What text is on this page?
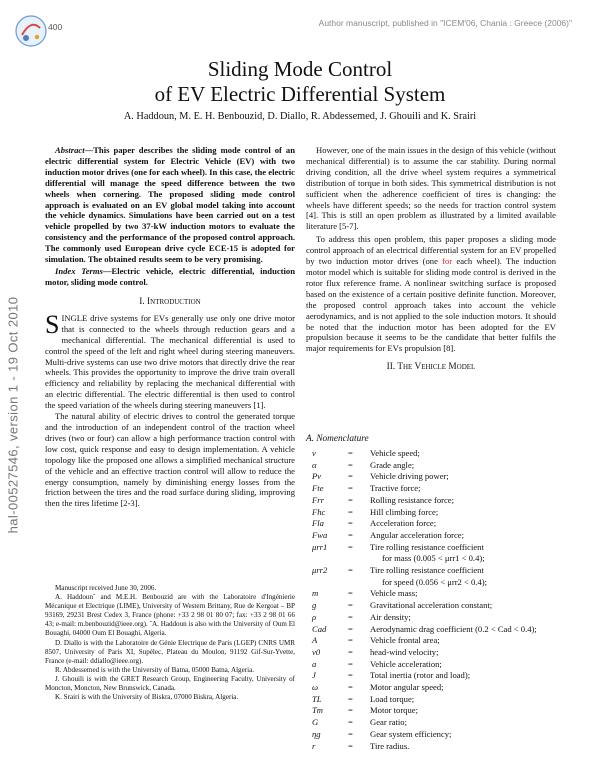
400	Author manuscript, published in "ICEM'06, Chania : Greece (2006)"
hal-00527546, version 1 - 19 Oct 2010
Sliding Mode Control
of EV Electric Differential System
A. Haddoun, M. E. H. Benbouzid, D. Diallo, R. Abdessemed, J. Ghouili and K. Srairi

Abstract—This paper describes the sliding mode control of an electric differential system for Electric Vehicle (EV) with two induction motor drives (one for each wheel). In this case, the electric differential will manage the speed difference between the two wheels when cornering. The proposed sliding mode control approach is evaluated on an EV global model taking into account the vehicle dynamics. Simulations have been carried out on a test vehicle propelled by two 37-kW induction motors to evaluate the consistency and the performance of the proposed control approach. The commonly used European drive cycle ECE-15 is adopted for simulation. The obtained results seem to be very promising.

Index Terms—Electric vehicle, electric differential, induction motor, sliding mode control.

I. Introduction

SINGLE drive systems for EVs generally use only one drive motor that is connected to the wheels through reduction gears and a mechanical differential. The mechanical differential is used to control the speed of the left and right wheel during steering maneuvers. Multi-drive systems can use two drive motors that directly drive the rear wheels. This provides the opportunity to improve the drive train overall efficiency and reliability by replacing the mechanical differential with an electric differential. The electric differential is then used to control the speed variation of the wheels during steering maneuvers [1].

The natural ability of electric drives to control the generated torque and the introduction of an independent control of the traction wheel drives (two or four) can allow a high performance traction control with low cost, quick response and easy to design implementation. A vehicle topology like the proposed one allows a simplified mechanical structure of the vehicle and an effective traction control will allow to reduce the energy consumption, namely by diminishing energy losses from the friction between the tires and the road surface during sliding, improving then the tires lifetime [2-3].

Manuscript received June 30, 2006.

A. Haddounˆ and M.E.H. Benbouzid are with the Laboratoire d'Ingénierie Mécanique et Electrique (LIME), University of Western Brittany, Rue de Kergoat – BP 93169, 29231 Brest Cedex 3, France (phone: +33 2 98 01 80 07; fax: +33 2 98 01 66 43; e-mail: m.benbouzid@ieee.org). ˆA. Haddoun is also with the University of Oum El Bouaghi, 04000 Oum El Bouaghi, Algeria.

D. Diallo is with the Laboratoire de Génie Electrique de Paris (LGEP) CNRS UMR 8507, University of Paris XI, Supélec, Plateau du Moulon, 91192 Gif-Sur-Yvette, France (e-mail: ddiallo@ieee.org).

R. Abdessemed is with the University of Batna, 05000 Batna, Algeria.

J. Ghouili is with the GRET Research Group, Engineering Faculty, University of Moncton, Moncton, New Brunswick, Canada.

K. Srairi is with the University of Biskra, 07000 Biskra, Algeria.

However, one of the main issues in the design of this vehicle (without mechanical differential) is to assume the car stability. During normal driving condition, all the drive wheel system requires a symmetrical distribution of torque in both sides. This symmetrical distribution is not sufficient when the adherence coefficient of tires is changing: the wheels have different speeds; so the needs for traction control system [4]. This is still an open problem as illustrated by a limited available literature [5-7].

To address this open problem, this paper proposes a sliding mode control approach of an electrical differential system for an EV propelled by two induction motor drives (one for each wheel). The induction motor model which is suitable for sliding mode control is derived in the rotor flux reference frame. A nonlinear switching surface is proposed based on the existence of a certain positive definite function. Moreover, the proposed control approach takes into account the vehicle aerodynamics, and is not applied to the sole induction motors. It should be noted that the induction motor has been adopted for the EV propulsion because it seems to be the candidate that better fulfils the major requirements for EVs propulsion [8].

II. The Vehicle Model
A. Nomenclature
v	=	Vehicle speed;
α	=	Grade angle;
Pv	=	Vehicle driving power;
Fte	=	Tractive force;
Frr	=	Rolling resistance force;
Fhc	=	Hill climbing force;
Fla	=	Acceleration force;
Fwa	=	Angular acceleration force;
μrr1	=	Tire rolling resistance coefficient
		for mass (0.005 < μrr1 < 0.4);
μrr2	=	Tire rolling resistance coefficient
		for speed (0.056 < μrr2 < 0.4);
m	=	Vehicle mass;
g	=	Gravitational acceleration constant;
ρ	=	Air density;
Cad	=	Aerodynamic drag coefficient (0.2 < Cad < 0.4);
A	=	Vehicle frontal area;
v0	=	head-wind velocity;
a	=	Vehicle acceleration;
J	=	Total inertia (rotor and load);
ω	=	Motor angular speed;
TL	=	Load torque;
Tm	=	Motor torque;
G	=	Gear ratio;
ηg	=	Gear system efficiency;
r	=	Tire radius.
